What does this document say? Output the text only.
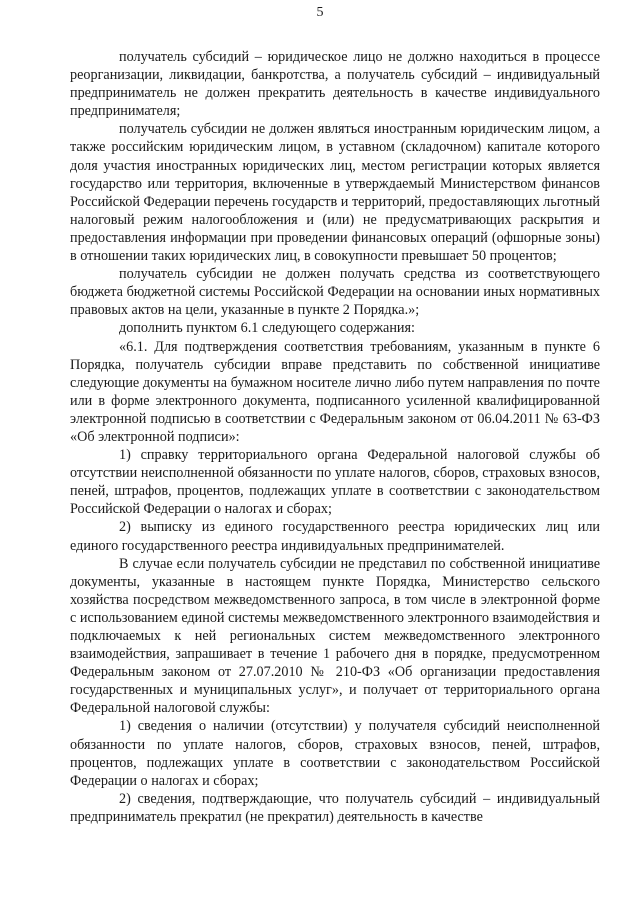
5

получатель субсидий – юридическое лицо не должно находиться в процессе реорганизации, ликвидации, банкротства, а получатель субсидий – индивидуальный предприниматель не должен прекратить деятельность в качестве индивидуального предпринимателя;

получатель субсидии не должен являться иностранным юридическим лицом, а также российским юридическим лицом, в уставном (складочном) капитале которого доля участия иностранных юридических лиц, местом регистрации которых является государство или территория, включенные в утверждаемый Министерством финансов Российской Федерации перечень государств и территорий, предоставляющих льготный налоговый режим налогообложения и (или) не предусматривающих раскрытия и предоставления информации при проведении финансовых операций (офшорные зоны) в отношении таких юридических лиц, в совокупности превышает 50 процентов;

получатель субсидии не должен получать средства из соответствующего бюджета бюджетной системы Российской Федерации на основании иных нормативных правовых актов на цели, указанные в пункте 2 Порядка.»;

дополнить пунктом 6.1 следующего содержания:

«6.1. Для подтверждения соответствия требованиям, указанным в пункте 6 Порядка, получатель субсидии вправе представить по собственной инициативе следующие документы на бумажном носителе лично либо путем направления по почте или в форме электронного документа, подписанного усиленной квалифицированной электронной подписью в соответствии с Федеральным законом от 06.04.2011 № 63-ФЗ «Об электронной подписи»:

1) справку территориального органа Федеральной налоговой службы об отсутствии неисполненной обязанности по уплате налогов, сборов, страховых взносов, пеней, штрафов, процентов, подлежащих уплате в соответствии с законодательством Российской Федерации о налогах и сборах;

2) выписку из единого государственного реестра юридических лиц или единого государственного реестра индивидуальных предпринимателей.

В случае если получатель субсидии не представил по собственной инициативе документы, указанные в настоящем пункте Порядка, Министерство сельского хозяйства посредством межведомственного запроса, в том числе в электронной форме с использованием единой системы межведомственного электронного взаимодействия и подключаемых к ней региональных систем межведомственного электронного взаимодействия, запрашивает в течение 1 рабочего дня в порядке, предусмотренном Федеральным законом от 27.07.2010 № 210-ФЗ «Об организации предоставления государственных и муниципальных услуг», и получает от территориального органа Федеральной налоговой службы:

1) сведения о наличии (отсутствии) у получателя субсидий неисполненной обязанности по уплате налогов, сборов, страховых взносов, пеней, штрафов, процентов, подлежащих уплате в соответствии с законодательством Российской Федерации о налогах и сборах;

2) сведения, подтверждающие, что получатель субсидий – индивидуальный предприниматель прекратил (не прекратил) деятельность в качестве
